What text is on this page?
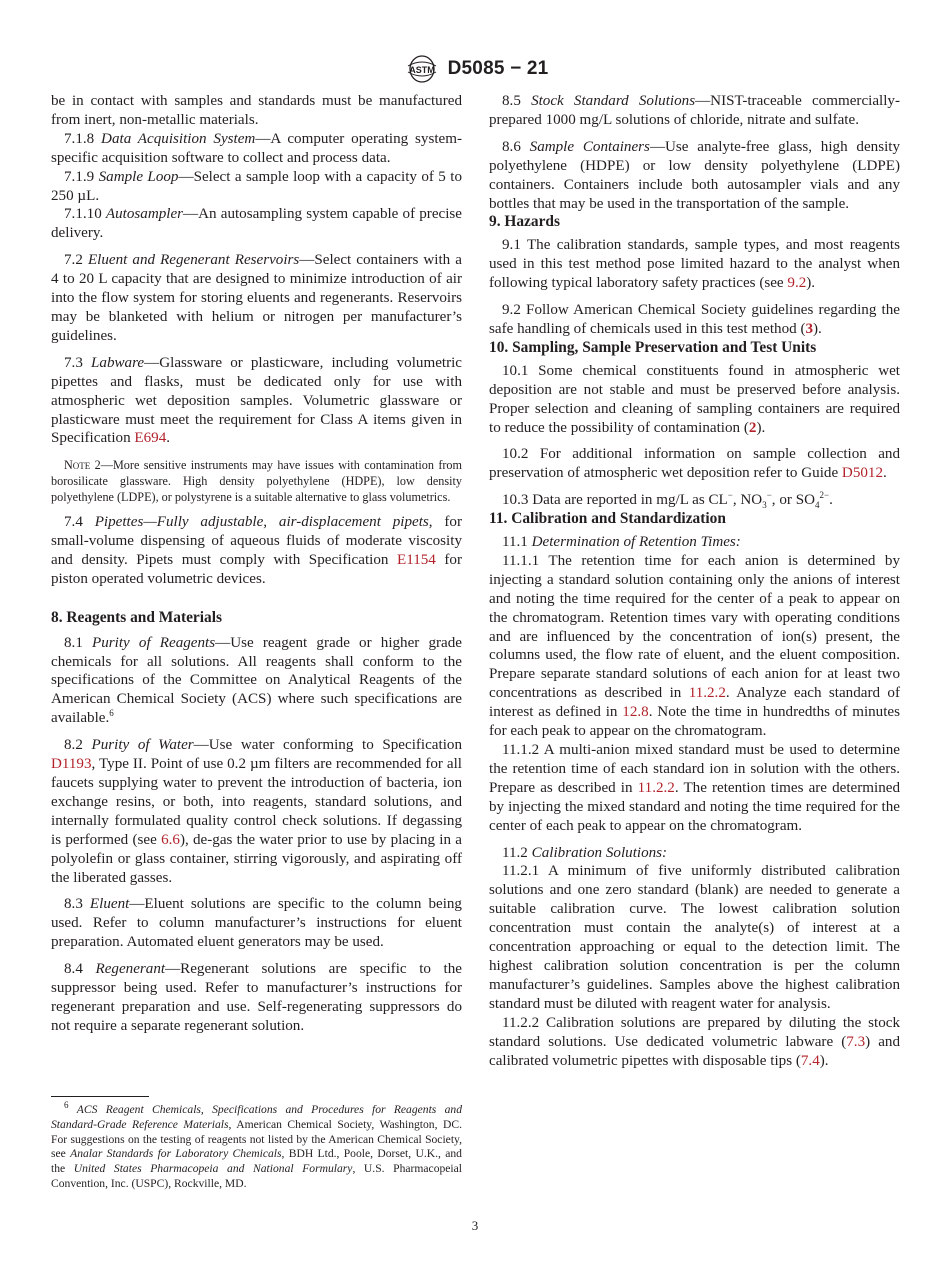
ASTM D5085 − 21

be in contact with samples and standards must be manufactured from inert, non-metallic materials.

7.1.8 Data Acquisition System—A computer operating system-specific acquisition software to collect and process data.

7.1.9 Sample Loop—Select a sample loop with a capacity of 5 to 250 µL.

7.1.10 Autosampler—An autosampling system capable of precise delivery.

7.2 Eluent and Regenerant Reservoirs—Select containers with a 4 to 20 L capacity that are designed to minimize introduction of air into the flow system for storing eluents and regenerants. Reservoirs may be blanketed with helium or nitrogen per manufacturer’s guidelines.

7.3 Labware—Glassware or plasticware, including volumetric pipettes and flasks, must be dedicated only for use with atmospheric wet deposition samples. Volumetric glassware or plasticware must meet the requirement for Class A items given in Specification E694.

Note 2—More sensitive instruments may have issues with contamination from borosilicate glassware. High density polyethylene (HDPE), low density polyethylene (LDPE), or polystyrene is a suitable alternative to glass volumetrics.

7.4 Pipettes—Fully adjustable, air-displacement pipets, for small-volume dispensing of aqueous fluids of moderate viscosity and density. Pipets must comply with Specification E1154 for piston operated volumetric devices.

8. Reagents and Materials

8.1 Purity of Reagents—Use reagent grade or higher grade chemicals for all solutions. All reagents shall conform to the specifications of the Committee on Analytical Reagents of the American Chemical Society (ACS) where such specifications are available.$^6$

8.2 Purity of Water—Use water conforming to Specification D1193, Type II. Point of use 0.2 µm filters are recommended for all faucets supplying water to prevent the introduction of bacteria, ion exchange resins, or both, into reagents, standard solutions, and internally formulated quality control check solutions. If degassing is performed (see 6.6), de-gas the water prior to use by placing in a polyolefin or glass container, stirring vigorously, and aspirating off the liberated gasses.

8.3 Eluent—Eluent solutions are specific to the column being used. Refer to column manufacturer’s instructions for eluent preparation. Automated eluent generators may be used.

8.4 Regenerant—Regenerant solutions are specific to the suppressor being used. Refer to manufacturer’s instructions for regenerant preparation and use. Self-regenerating suppressors do not require a separate regenerant solution.

$^6$ ACS Reagent Chemicals, Specifications and Procedures for Reagents and Standard-Grade Reference Materials, American Chemical Society, Washington, DC. For suggestions on the testing of reagents not listed by the American Chemical Society, see Analar Standards for Laboratory Chemicals, BDH Ltd., Poole, Dorset, U.K., and the United States Pharmacopeia and National Formulary, U.S. Pharmacopeial Convention, Inc. (USPC), Rockville, MD.

8.5 Stock Standard Solutions—NIST-traceable commercially-prepared 1000 mg/L solutions of chloride, nitrate and sulfate.

8.6 Sample Containers—Use analyte-free glass, high density polyethylene (HDPE) or low density polyethylene (LDPE) containers. Containers include both autosampler vials and any bottles that may be used in the transportation of the sample.

9. Hazards

9.1 The calibration standards, sample types, and most reagents used in this test method pose limited hazard to the analyst when following typical laboratory safety practices (see 9.2).

9.2 Follow American Chemical Society guidelines regarding the safe handling of chemicals used in this test method (3).

10. Sampling, Sample Preservation and Test Units

10.1 Some chemical constituents found in atmospheric wet deposition are not stable and must be preserved before analysis. Proper selection and cleaning of sampling containers are required to reduce the possibility of contamination (2).

10.2 For additional information on sample collection and preservation of atmospheric wet deposition refer to Guide D5012.

10.3 Data are reported in mg/L as CL−, $NO_3^-$, or $SO_4^{2-}$.

11. Calibration and Standardization

11.1 Determination of Retention Times:

11.1.1 The retention time for each anion is determined by injecting a standard solution containing only the anions of interest and noting the time required for the center of a peak to appear on the chromatogram. Retention times vary with operating conditions and are influenced by the concentration of ion(s) present, the columns used, the flow rate of eluent, and the eluent composition. Prepare separate standard solutions of each anion for at least two concentrations as described in 11.2.2. Analyze each standard of interest as defined in 12.8. Note the time in hundredths of minutes for each peak to appear on the chromatogram.

11.1.2 A multi-anion mixed standard must be used to determine the retention time of each standard ion in solution with the others. Prepare as described in 11.2.2. The retention times are determined by injecting the mixed standard and noting the time required for the center of each peak to appear on the chromatogram.

11.2 Calibration Solutions:

11.2.1 A minimum of five uniformly distributed calibration solutions and one zero standard (blank) are needed to generate a suitable calibration curve. The lowest calibration solution concentration must contain the analyte(s) of interest at a concentration approaching or equal to the detection limit. The highest calibration solution concentration is per the column manufacturer’s guidelines. Samples above the highest calibration standard must be diluted with reagent water for analysis.

11.2.2 Calibration solutions are prepared by diluting the stock standard solutions. Use dedicated volumetric labware (7.3) and calibrated volumetric pipettes with disposable tips (7.4).

3
